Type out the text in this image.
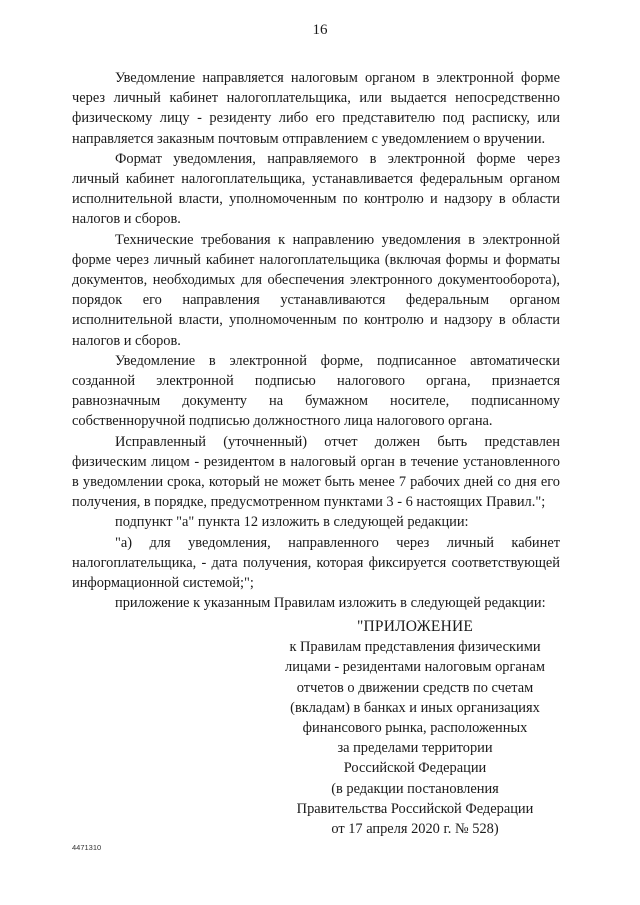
16

Уведомление направляется налоговым органом в электронной форме через личный кабинет налогоплательщика, или выдается непосредственно физическому лицу - резиденту либо его представителю под расписку, или направляется заказным почтовым отправлением с уведомлением о вручении.

Формат уведомления, направляемого в электронной форме через личный кабинет налогоплательщика, устанавливается федеральным органом исполнительной власти, уполномоченным по контролю и надзору в области налогов и сборов.

Технические требования к направлению уведомления в электронной форме через личный кабинет налогоплательщика (включая формы и форматы документов, необходимых для обеспечения электронного документооборота), порядок его направления устанавливаются федеральным органом исполнительной власти, уполномоченным по контролю и надзору в области налогов и сборов.

Уведомление в электронной форме, подписанное автоматически созданной электронной подписью налогового органа, признается равнозначным документу на бумажном носителе, подписанному собственноручной подписью должностного лица налогового органа.

Исправленный (уточненный) отчет должен быть представлен физическим лицом - резидентом в налоговый орган в течение установленного в уведомлении срока, который не может быть менее 7 рабочих дней со дня его получения, в порядке, предусмотренном пунктами 3 - 6 настоящих Правил.";

подпункт "а" пункта 12 изложить в следующей редакции:

"а) для уведомления, направленного через личный кабинет налогоплательщика, - дата получения, которая фиксируется соответствующей информационной системой;";

приложение к указанным Правилам изложить в следующей редакции:

"ПРИЛОЖЕНИЕ
к Правилам представления физическими
лицами - резидентами налоговым органам
отчетов о движении средств по счетам
(вкладам) в банках и иных организациях
финансового рынка, расположенных
за пределами территории
Российской Федерации
(в редакции постановления
Правительства Российской Федерации
от 17 апреля 2020 г. № 528)
4471310
